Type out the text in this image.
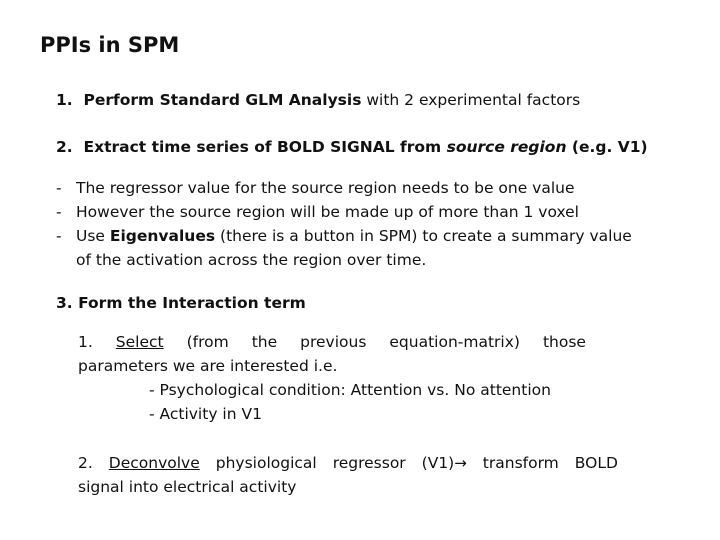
PPIs in SPM
1. Perform Standard GLM Analysis with 2 experimental factors
2. Extract time series of BOLD SIGNAL from source region (e.g. V1)
- The regressor value for the source region needs to be one value
- However the source region will be made up of more than 1 voxel
- Use Eigenvalues (there is a button in SPM) to create a summary value
of the activation across the region over time.
3. Form the Interaction term
1. Select (from the previous equation-matrix) those
parameters we are interested i.e.
- Psychological condition: Attention vs. No attention
- Activity in V1
2. Deconvolve physiological regressor (V1)→ transform BOLD
signal into electrical activity
